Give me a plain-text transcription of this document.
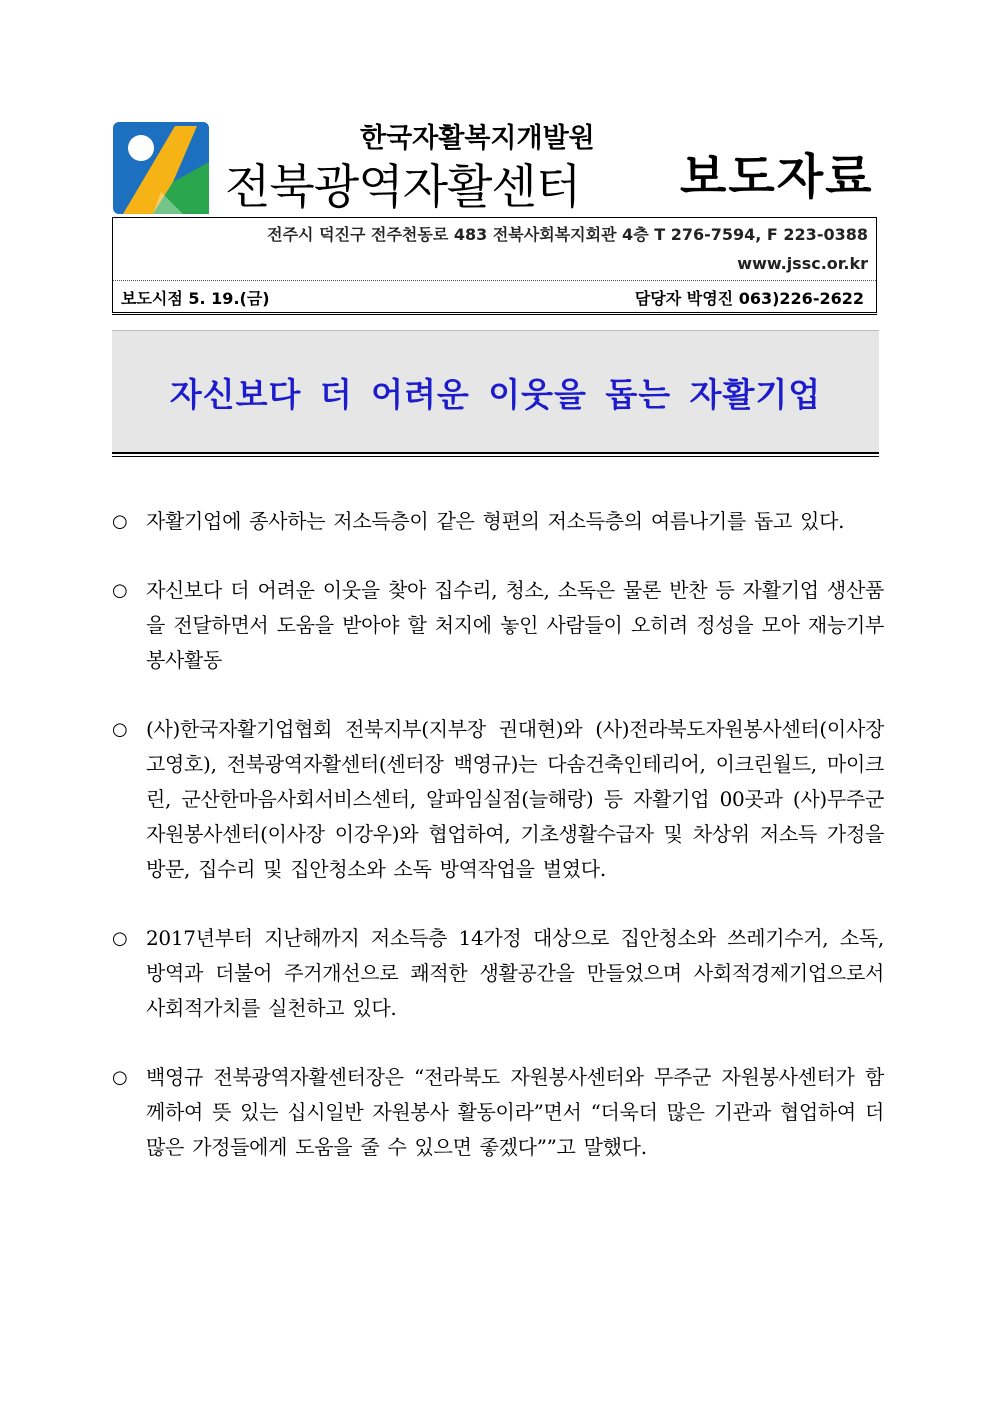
한국자활복지개발원
전북광역자활센터 보도자료
전주시 덕진구 전주천동로 483 전북사회복지회관 4층 T 276-7594, F 223-0388
www.jssc.or.kr
보도시점 5. 19.(금)	담당자 박영진 063)226-2622
자신보다 더 어려운 이웃을 돕는 자활기업
○ 자활기업에 종사하는 저소득층이 같은 형편의 저소득층의 여름나기를 돕고 있다.
○ 자신보다 더 어려운 이웃을 찾아 집수리, 청소, 소독은 물론 반찬 등 자활기업 생산품을 전달하면서 도움을 받아야 할 처지에 놓인 사람들이 오히려 정성을 모아 재능기부 봉사활동
○ (사)한국자활기업협회 전북지부(지부장 권대현)와 (사)전라북도자원봉사센터(이사장 고영호), 전북광역자활센터(센터장 백영규)는 다솜건축인테리어, 이크린월드, 마이크린, 군산한마음사회서비스센터, 알파임실점(늘해랑) 등 자활기업 00곳과 (사)무주군자원봉사센터(이사장 이강우)와 협업하여, 기초생활수급자 및 차상위 저소득 가정을 방문, 집수리 및 집안청소와 소독 방역작업을 벌였다.
○ 2017년부터 지난해까지 저소득층 14가정 대상으로 집안청소와 쓰레기수거, 소독, 방역과 더불어 주거개선으로 쾌적한 생활공간을 만들었으며 사회적경제기업으로서 사회적가치를 실천하고 있다.
○ 백영규 전북광역자활센터장은 “전라북도 자원봉사센터와 무주군 자원봉사센터가 함께하여 뜻 있는 십시일반 자원봉사 활동이라”면서 “더욱더 많은 기관과 협업하여 더 많은 가정들에게 도움을 줄 수 있으면 좋겠다””고 말했다.
